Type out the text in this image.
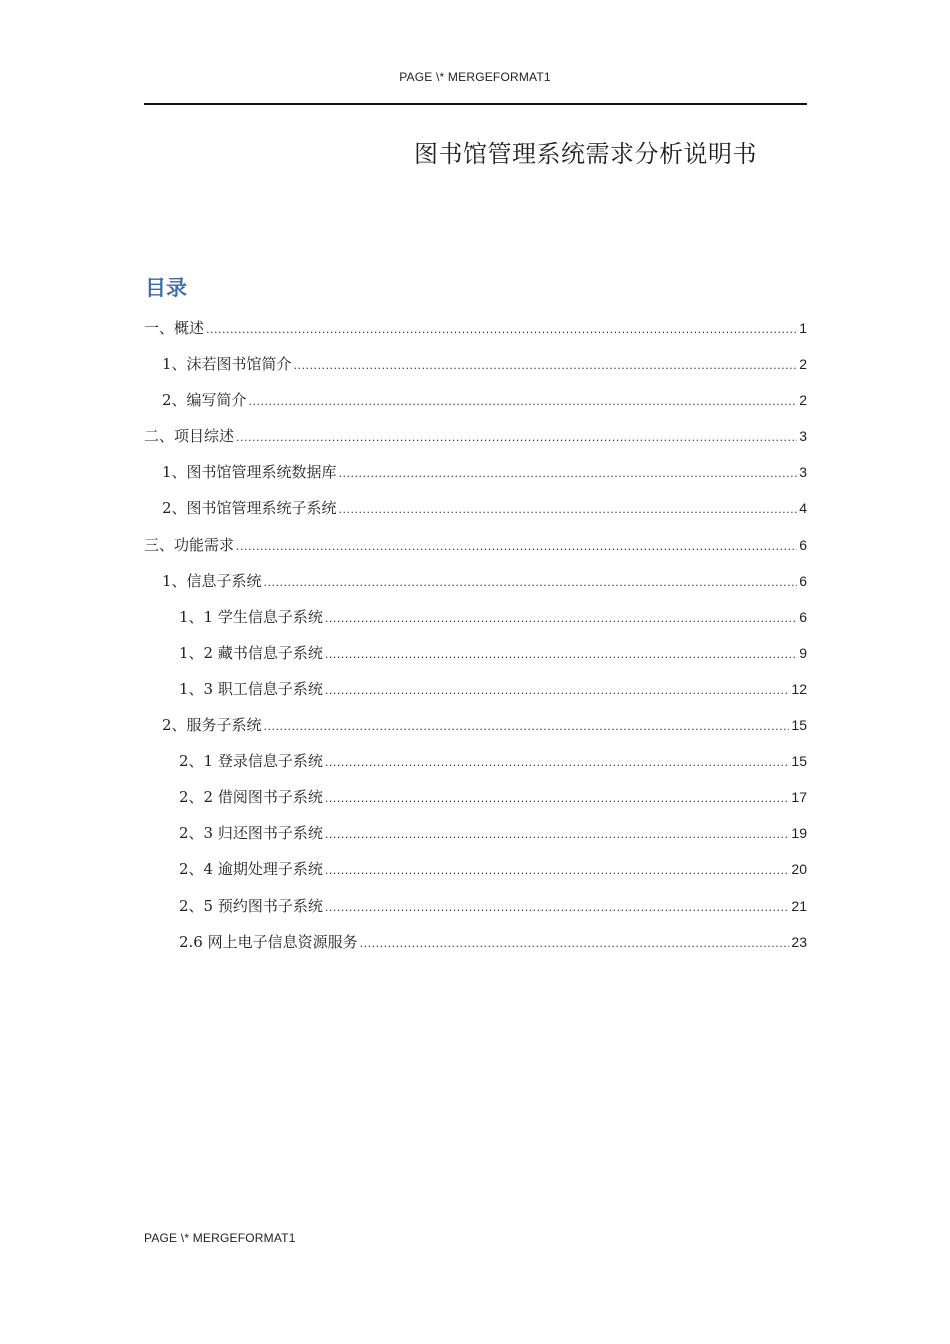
PAGE \* MERGEFORMAT1
图书馆管理系统需求分析说明书
目录
一、概述 .....	1
1、沫若图书馆简介 .....	2
2、编写简介 .....	2
二、项目综述 .....	3
1、图书馆管理系统数据库 .....	3
2、图书馆管理系统子系统 .....	4
三、功能需求 .....	6
1、信息子系统 .....	6
1、1 学生信息子系统 .....	6
1、2 藏书信息子系统 .....	9
1、3 职工信息子系统 .....	12
2、服务子系统 .....	15
2、1 登录信息子系统 .....	15
2、2 借阅图书子系统 .....	17
2、3 归还图书子系统 .....	19
2、4 逾期处理子系统 .....	20
2、5 预约图书子系统 .....	21
2.6 网上电子信息资源服务 .....	23
PAGE \* MERGEFORMAT1
